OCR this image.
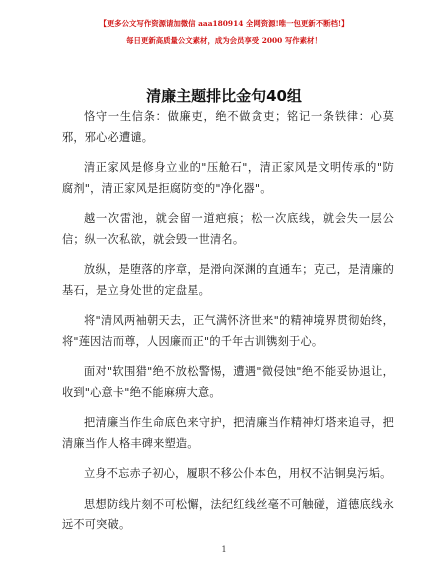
【更多公文写作资源请加微信 aaa180914 全网资源!唯一包更新不断档!】
每日更新高质量公文素材，成为会员享受 2000 写作素材！
清廉主题排比金句40组

恪守一生信条：做廉吏，绝不做贪吏；铭记一条铁律：心莫邪，邪心必遭谴。

清正家风是修身立业的"压舱石"，清正家风是文明传承的"防腐剂"，清正家风是拒腐防变的"净化器"。

越一次雷池，就会留一道疤痕；松一次底线，就会失一层公信；纵一次私欲，就会毁一世清名。

放纵，是堕落的序章，是滑向深渊的直通车；克己，是清廉的基石，是立身处世的定盘星。

将"清风两袖朝天去，正气满怀济世来"的精神境界贯彻始终，将"莲因洁而尊，人因廉而正"的千年古训镌刻于心。

面对"软围猎"绝不放松警惕，遭遇"微侵蚀"绝不能妥协退让，收到"心意卡"绝不能麻痹大意。

把清廉当作生命底色来守护，把清廉当作精神灯塔来追寻，把清廉当作人格丰碑来塑造。

立身不忘赤子初心，履职不移公仆本色，用权不沾铜臭污垢。

思想防线片刻不可松懈，法纪红线丝毫不可触碰，道德底线永远不可突破。

1
